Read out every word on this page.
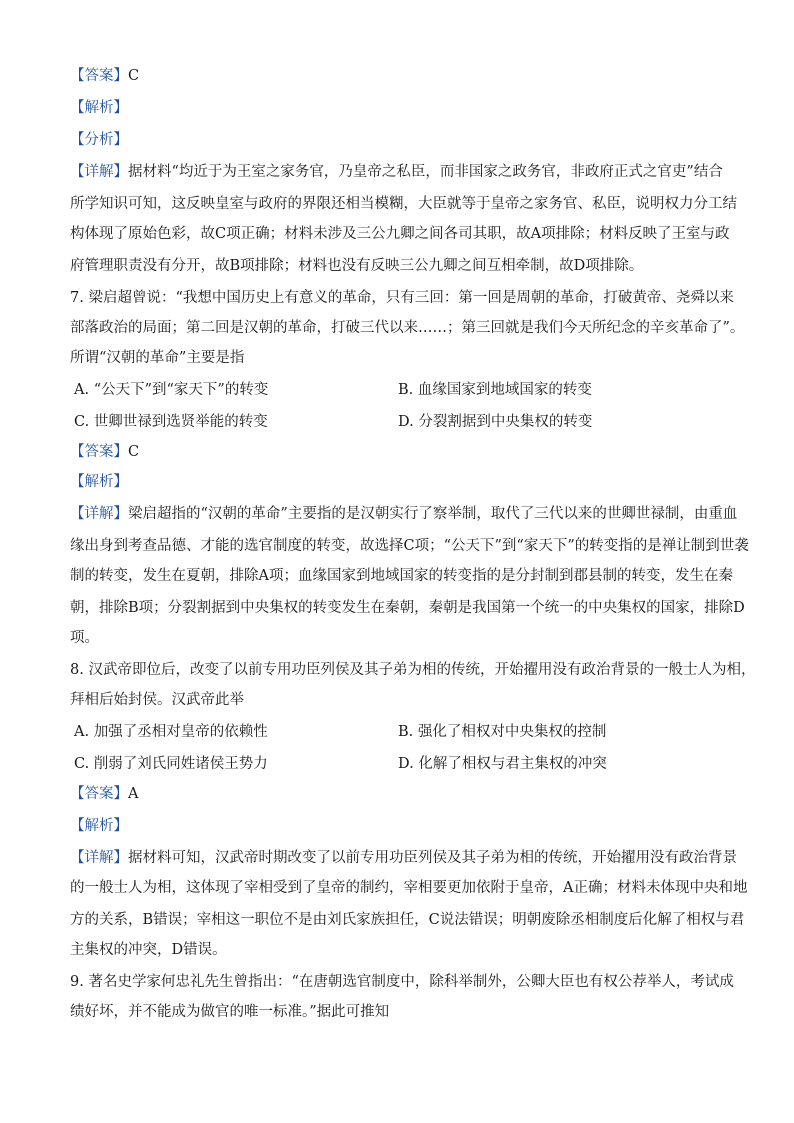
【答案】C
【解析】
【分析】
【详解】据材料“均近于为王室之家务官，乃皇帝之私臣，而非国家之政务官，非政府正式之官吏”结合
所学知识可知，这反映皇室与政府的界限还相当模糊，大臣就等于皇帝之家务官、私臣，说明权力分工结
构体现了原始色彩，故C项正确；材料未涉及三公九卿之间各司其职，故A项排除；材料反映了王室与政
府管理职责没有分开，故B项排除；材料也没有反映三公九卿之间互相牵制，故D项排除。
7. 梁启超曾说：“我想中国历史上有意义的革命，只有三回：第一回是周朝的革命，打破黄帝、尧舜以来
部落政治的局面；第二回是汉朝的革命，打破三代以来……；第三回就是我们今天所纪念的辛亥革命了”。
所谓“汉朝的革命”主要是指
A. “公天下”到“家天下”的转变	B. 血缘国家到地域国家的转变
C. 世卿世禄到选贤举能的转变	D. 分裂割据到中央集权的转变
【答案】C
【解析】
【详解】梁启超指的“汉朝的革命”主要指的是汉朝实行了察举制，取代了三代以来的世卿世禄制，由重血
缘出身到考查品德、才能的选官制度的转变，故选择C项；“公天下”到“家天下”的转变指的是禅让制到世袭
制的转变，发生在夏朝，排除A项；血缘国家到地域国家的转变指的是分封制到郡县制的转变，发生在秦
朝，排除B项；分裂割据到中央集权的转变发生在秦朝，秦朝是我国第一个统一的中央集权的国家，排除D
项。
8. 汉武帝即位后，改变了以前专用功臣列侯及其子弟为相的传统，开始擢用没有政治背景的一般士人为相，
拜相后始封侯。汉武帝此举
A. 加强了丞相对皇帝的依赖性	B. 强化了相权对中央集权的控制
C. 削弱了刘氏同姓诸侯王势力	D. 化解了相权与君主集权的冲突
【答案】A
【解析】
【详解】据材料可知，汉武帝时期改变了以前专用功臣列侯及其子弟为相的传统，开始擢用没有政治背景
的一般士人为相，这体现了宰相受到了皇帝的制约，宰相要更加依附于皇帝，A正确；材料未体现中央和地
方的关系，B错误；宰相这一职位不是由刘氏家族担任，C说法错误；明朝废除丞相制度后化解了相权与君
主集权的冲突，D错误。
9. 著名史学家何忠礼先生曾指出：“在唐朝选官制度中，除科举制外，公卿大臣也有权公荐举人，考试成
绩好坏，并不能成为做官的唯一标准。”据此可推知
